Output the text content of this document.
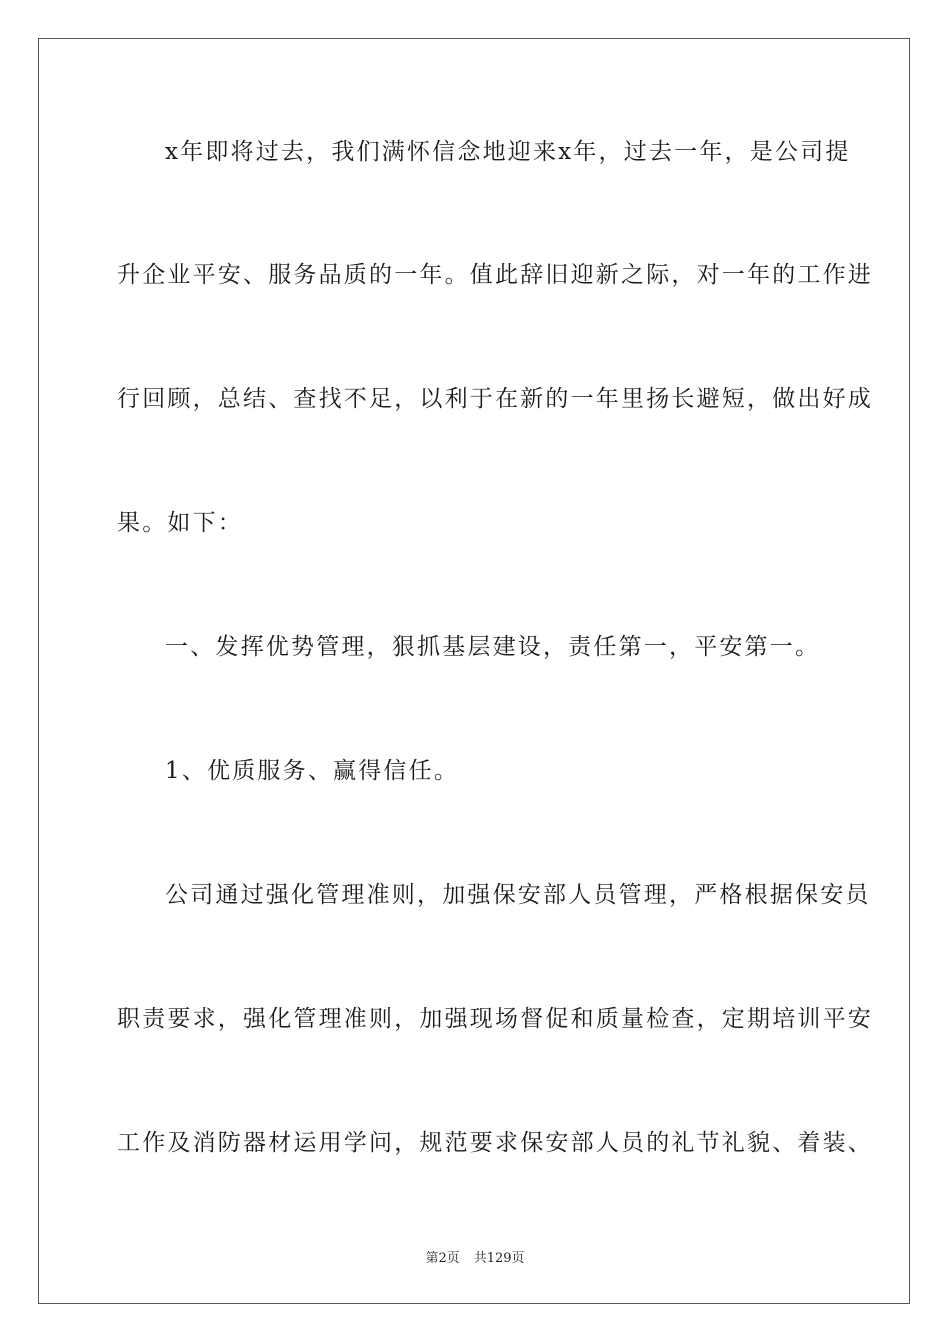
x年即将过去，我们满怀信念地迎来x年，过去一年，是公司提
升企业平安、服务品质的一年。值此辞旧迎新之际，对一年的工作进
行回顾，总结、查找不足，以利于在新的一年里扬长避短，做出好成
果。如下：
一、发挥优势管理，狠抓基层建设，责任第一，平安第一。
1、优质服务、赢得信任。
公司通过强化管理准则，加强保安部人员管理，严格根据保安员
职责要求，强化管理准则，加强现场督促和质量检查，定期培训平安
工作及消防器材运用学问，规范要求保安部人员的礼节礼貌、着装、
第2页 共129页
